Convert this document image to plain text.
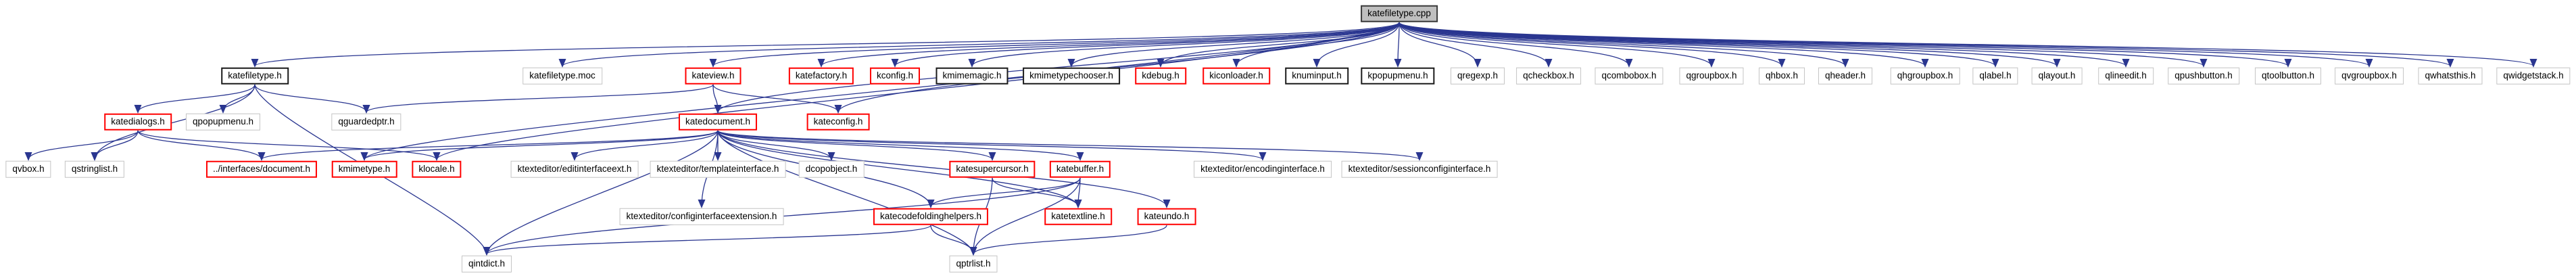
katefiletype.cpp
katefiletype.h	katefiletype.moc	kateview.h	katefactory.h	kconfig.h	kmimemagic.h	kmimetypechooser.h	kdebug.h	kiconloader.h	knuminput.h	kpopupmenu.h	qregexp.h	qcheckbox.h	qcombobox.h	qgroupbox.h	qhbox.h	qheader.h	qhgroupbox.h	qlabel.h	qlayout.h	qlineedit.h	qpushbutton.h	qtoolbutton.h	qvgroupbox.h	qwhatsthis.h	qwidgetstack.h
katedialogs.h	qpopupmenu.h	qguardedptr.h	katedocument.h	kateconfig.h
qvbox.h	qstringlist.h	../interfaces/document.h	kmimetype.h	klocale.h	ktexteditor/editinterfaceext.h	ktexteditor/templateinterface.h	dcopobject.h	katesupercursor.h	katebuffer.h	ktexteditor/encodinginterface.h	ktexteditor/sessionconfiginterface.h
ktexteditor/configinterfaceextension.h	katecodefoldinghelpers.h	katetextline.h	kateundo.h
qintdict.h	qptrlist.h
